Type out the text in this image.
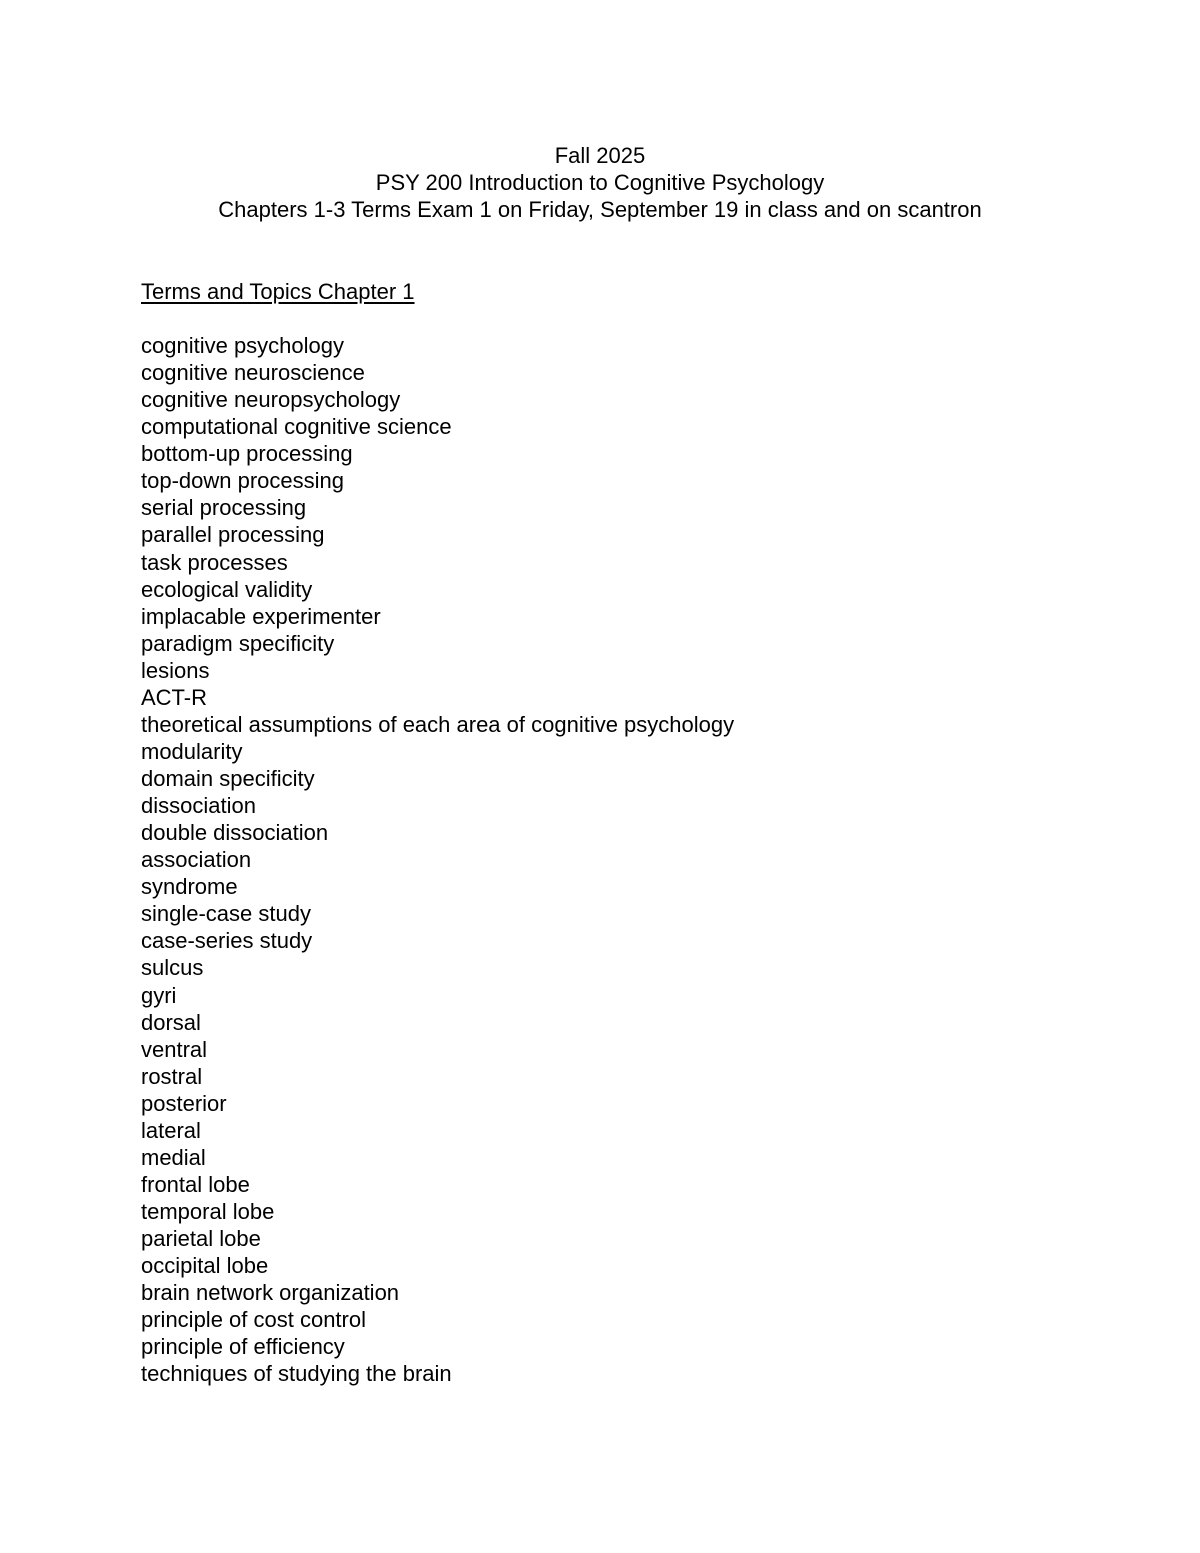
Fall 2025
PSY 200 Introduction to Cognitive Psychology
Chapters 1-3 Terms Exam 1 on Friday, September 19 in class and on scantron
Terms and Topics Chapter 1
cognitive psychology
cognitive neuroscience
cognitive neuropsychology
computational cognitive science
bottom-up processing
top-down processing
serial processing
parallel processing
task processes
ecological validity
implacable experimenter
paradigm specificity
lesions
ACT-R
theoretical assumptions of each area of cognitive psychology
modularity
domain specificity
dissociation
double dissociation
association
syndrome
single-case study
case-series study
sulcus
gyri
dorsal
ventral
rostral
posterior
lateral
medial
frontal lobe
temporal lobe
parietal lobe
occipital lobe
brain network organization
principle of cost control
principle of efficiency
techniques of studying the brain
